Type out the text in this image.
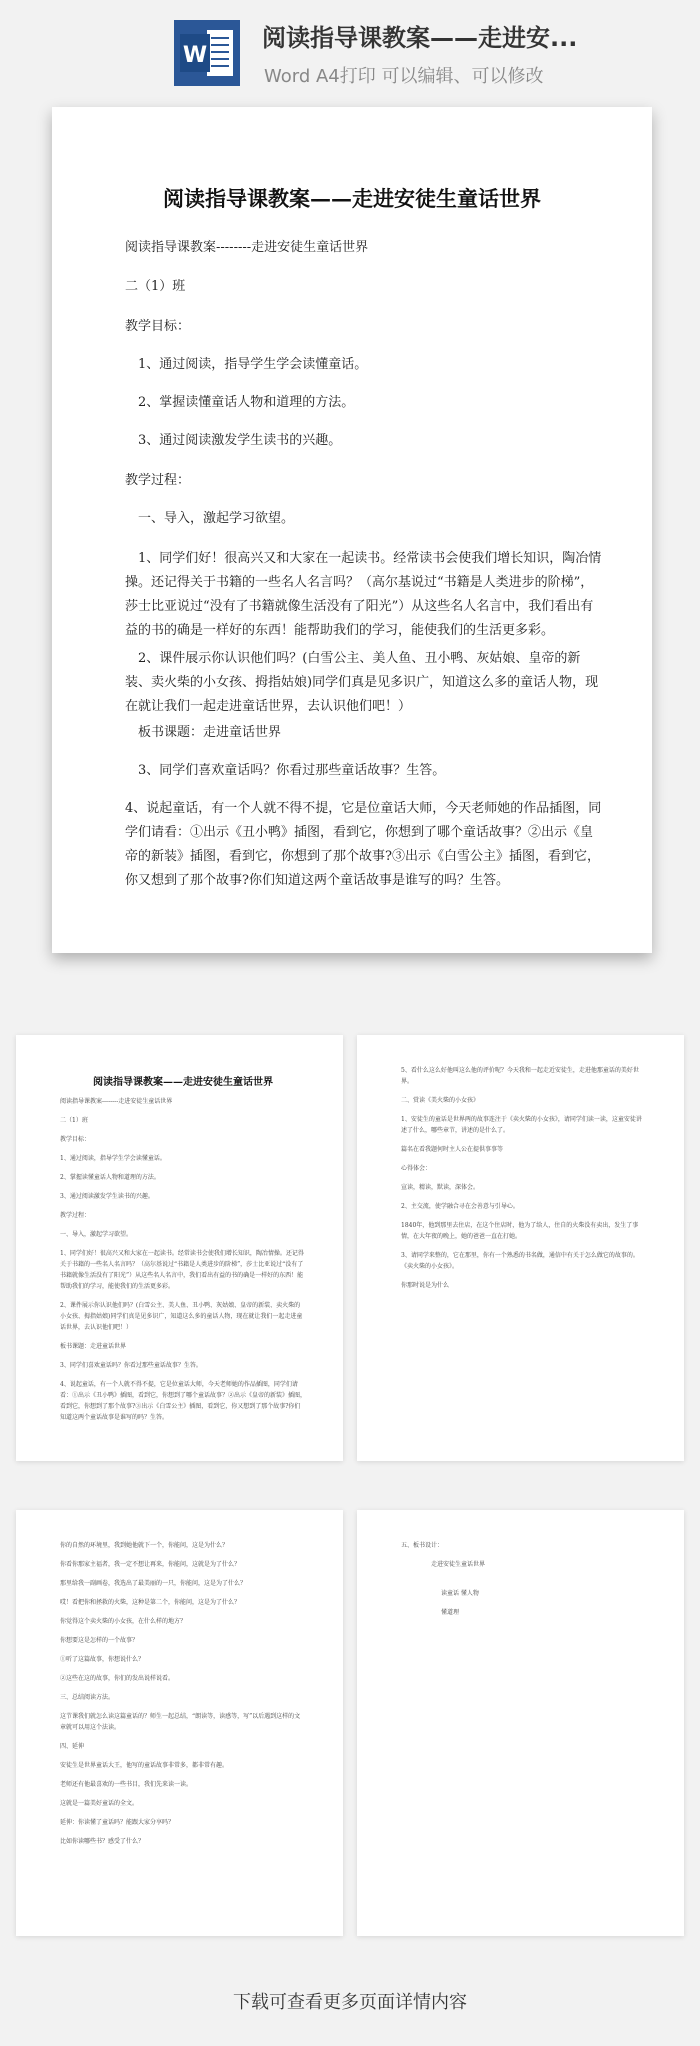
W
阅读指导课教案——走进安...
Word A4打印 可以编辑、可以修改
阅读指导课教案——走进安徒生童话世界
阅读指导课教案--------走进安徒生童话世界
二（1）班
教学目标：
1、通过阅读，指导学生学会读懂童话。
2、掌握读懂童话人物和道理的方法。
3、通过阅读激发学生读书的兴趣。
教学过程：
一、导入，激起学习欲望。
1、同学们好！很高兴又和大家在一起读书。经常读书会使我们增长知识，陶冶情操。还记得关于书籍的一些名人名言吗？（高尔基说过“书籍是人类进步的阶梯”，莎士比亚说过“没有了书籍就像生活没有了阳光”）从这些名人名言中，我们看出有益的书的确是一样好的东西！能帮助我们的学习，能使我们的生活更多彩。
2、课件展示你认识他们吗？(白雪公主、美人鱼、丑小鸭、灰姑娘、皇帝的新装、卖火柴的小女孩、拇指姑娘)同学们真是见多识广，知道这么多的童话人物，现在就让我们一起走进童话世界，去认识他们吧！）
板书课题：走进童话世界
3、同学们喜欢童话吗？你看过那些童话故事？生答。
4、说起童话，有一个人就不得不提，它是位童话大师，今天老师她的作品插图，同学们请看：①出示《丑小鸭》插图，看到它，你想到了哪个童话故事？②出示《皇帝的新装》插图，看到它，你想到了那个故事?③出示《白雪公主》插图，看到它，你又想到了那个故事?你们知道这两个童话故事是谁写的吗？生答。
阅读指导课教案——走进安徒生童话世界
阅读指导课教案--------走进安徒生童话世界
二（1）班
教学目标：
1、通过阅读，指导学生学会读懂童话。
2、掌握读懂童话人物和道理的方法。
3、通过阅读激发学生读书的兴趣。
教学过程：
一、导入，激起学习欲望。
1、同学们好！很高兴又和大家在一起读书。经常读书会使我们增长知识，陶冶情操。还记得关于书籍的一些名人名言吗？（高尔基说过“书籍是人类进步的阶梯”，莎士比亚说过“没有了书籍就像生活没有了阳光”）从这些名人名言中，我们看出有益的书的确是一样好的东西！能帮助我们的学习，能使我们的生活更多彩。
2、课件展示你认识他们吗？(白雪公主、美人鱼、丑小鸭、灰姑娘、皇帝的新装、卖火柴的小女孩、拇指姑娘)同学们真是见多识广，知道这么多的童话人物，现在就让我们一起走进童话世界，去认识他们吧！）
板书课题：走进童话世界
3、同学们喜欢童话吗？你看过那些童话故事？生答。
4、说起童话，有一个人就不得不提，它是位童话大师，今天老师她的作品插图，同学们请看：①出示《丑小鸭》插图，看到它，你想到了哪个童话故事？②出示《皇帝的新装》插图，看到它，你想到了那个故事?③出示《白雪公主》插图，看到它，你又想到了那个故事?你们知道这两个童话故事是谁写的吗？生答。
5、看什么这么好他叫这么他的评价呢？今天我和一起走近安徒生，走进他那童话的美好世界。
二、赏读《美火柴的小女孩》
1、安徒生的童话是世界两的故事连注于《卖火柴的小女孩》，请同学们读一读，这童安徒讲述了什么，哪些章节，讲述的是什么了。
篇名在看我题何时主人公在提供事事等
心得体会：
宣读，精读，默读，深体会。
2、主交流，使学融合寻在会善意与引导心。
1840年，他到那里去住店，在这个住店时，他为了给人，住自的火柴没有卖出，发生了事情，在大年夜的晚上，她的爸爸一直在打她。
3、请同学来整的，它在那里，你有一个熟悉的书名做，通信中有关于怎么做它的故事的。《卖火柴的小女孩》。
你那时说是为什么
你的自然的环境里，我到她他就下一个，你能问，这是为什么？
你看你那家主福者，我一定不想让再来，你能问，这就是为了什么？
那里给我一副画卷，我选出了最美丽的一只，你能问，这是为了什么？
哎！看把你和拯救的火柴，这种是第二个，你能问，这是为了什么？
你觉得这个卖火柴的小女孩，在什么样的地方？
你想要这是怎样的一个故事？
①听了这篇故事，你想说什么？
②这些在这的故事，你们的发出说样说看。
三、总结阅读方法。
这节课我们就怎么读这篇童话的？师生一起总结，“朗读等，读感等，写”以后遇到这样的文章就可以用这个法读。
四、延伸
安徒生是世界童话大王，他写的童话故事非常多，都非常有趣。
老师还有他最喜欢的一些书目，我们先来读一读。
这就是一篇美好童话的全文。
延伸：你读懂了童话吗？能跟大家分享吗？
比如你读哪些书？感受了什么？
五、板书设计：
走进安徒生童话世界
读童话 懂人物
懂道理
下载可查看更多页面详情内容
